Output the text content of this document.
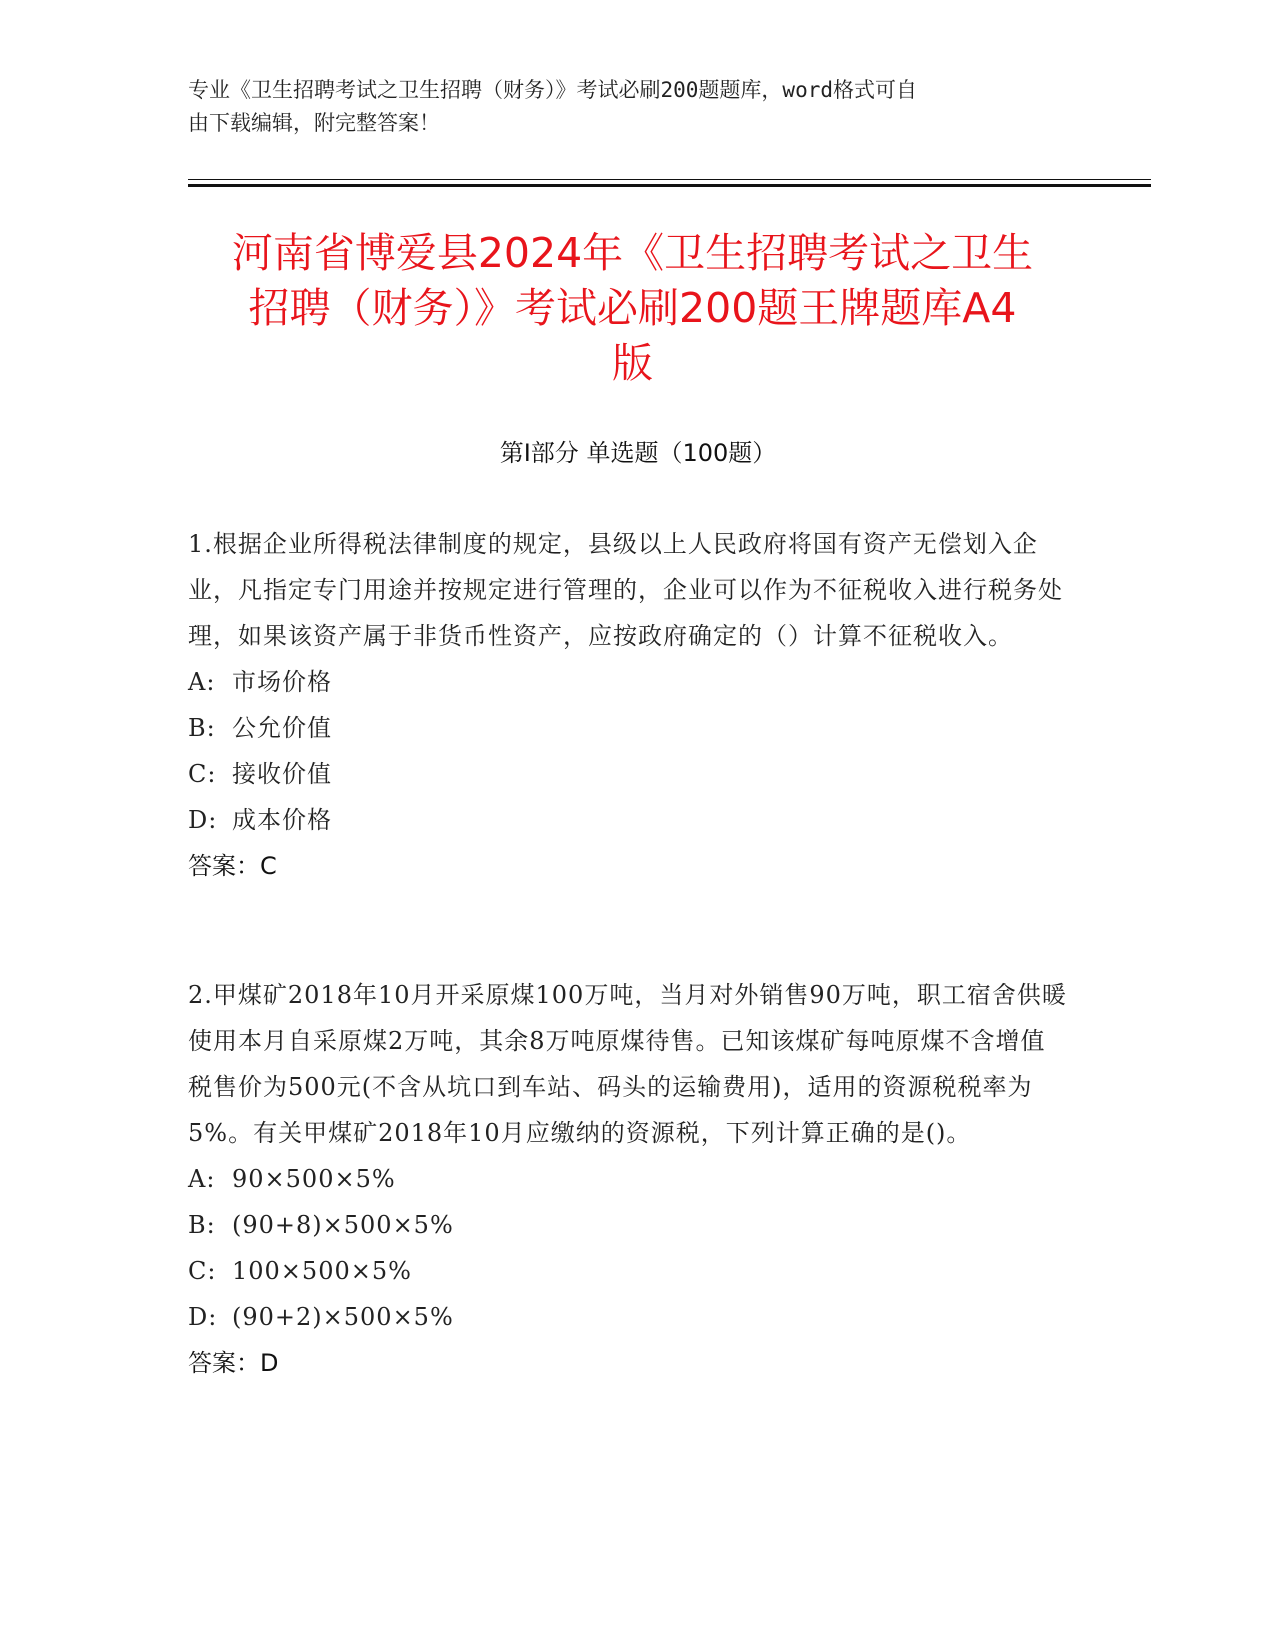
专业《卫生招聘考试之卫生招聘（财务）》考试必刷200题题库，word格式可自
由下载编辑，附完整答案！
河南省博爱县2024年《卫生招聘考试之卫生
招聘（财务）》考试必刷200题王牌题库A4
版
第Ⅰ部分 单选题（100题）

1.根据企业所得税法律制度的规定，县级以上人民政府将国有资产无偿划入企业，凡指定专门用途并按规定进行管理的，企业可以作为不征税收入进行税务处理，如果该资产属于非货币性资产，应按政府确定的（）计算不征税收入。

A: 市场价格

B: 公允价值

C: 接收价值

D: 成本价格

答案：C

2.甲煤矿2018年10月开采原煤100万吨，当月对外销售90万吨，职工宿舍供暖使用本月自采原煤2万吨，其余8万吨原煤待售。已知该煤矿每吨原煤不含增值税售价为500元(不含从坑口到车站、码头的运输费用)，适用的资源税税率为5%。有关甲煤矿2018年10月应缴纳的资源税，下列计算正确的是()。

A: 90×500×5%

B: (90+8)×500×5%

C: 100×500×5%

D: (90+2)×500×5%

答案：D
